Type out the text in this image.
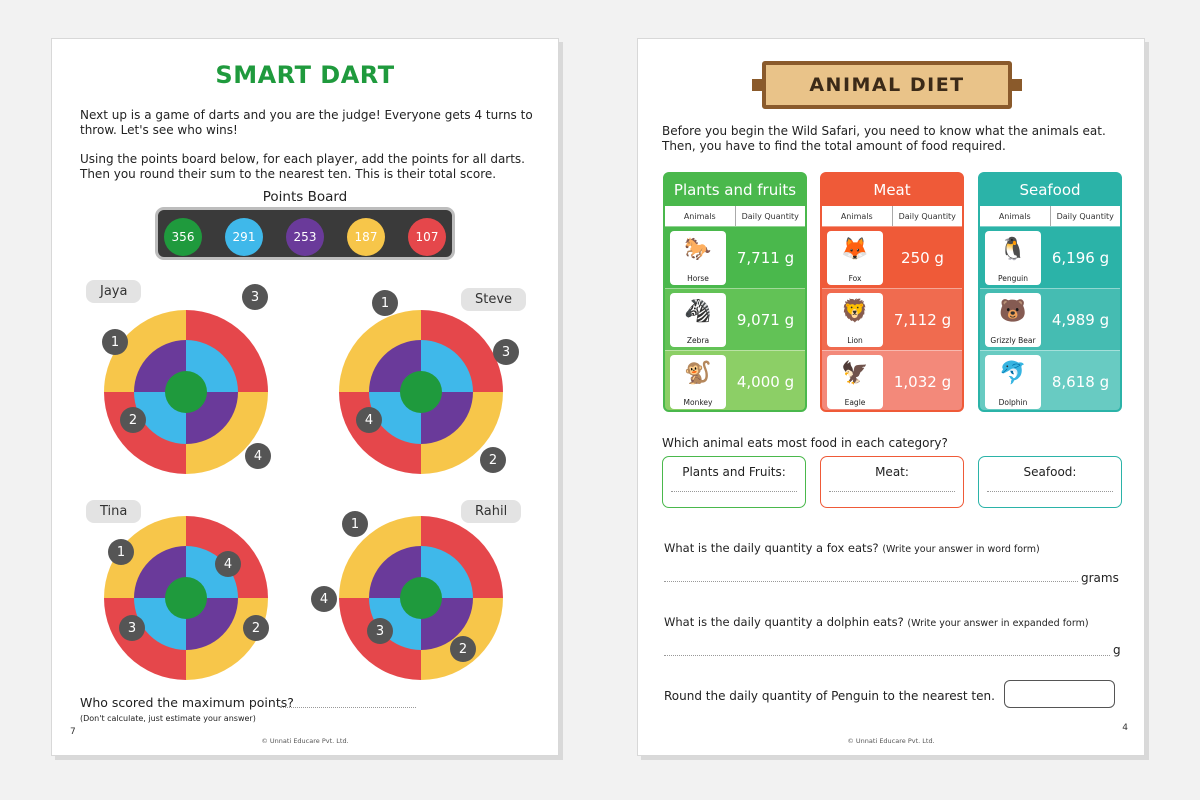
SMART DART
Next up is a game of darts and you are the judge! Everyone gets 4 turns to throw. Let's see who wins!
Using the points board below, for each player, add the points for all darts. Then you round their sum to the nearest ten. This is their total score.
Points Board
356	291	253	187	107
Jaya
Steve
Tina	Rahil
1
3
2
4
1
3
4
2
1
4
3	2
1
4
3
2
Who scored the maximum points?
(Don't calculate, just estimate your answer)
7
© Unnati Educare Pvt. Ltd.
ANIMAL DIET
Before you begin the Wild Safari, you need to know what the animals eat. Then, you have to find the total amount of food required.
Plants and fruits
Animals	Daily Quantity
🐎
Horse
7,711 g
🦓
Zebra
9,071 g
🐒
Monkey
4,000 g
Meat
Animals	Daily Quantity
🦊
Fox
250 g
🦁
Lion
7,112 g
🦅
Eagle
1,032 g
Seafood
Animals	Daily Quantity
🐧
Penguin
6,196 g
🐻
Grizzly Bear
4,989 g
🐬
Dolphin
8,618 g
Which animal eats most food in each category?
Plants and Fruits:	Meat:	Seafood:
What is the daily quantity a fox eats? (Write your answer in word form)
grams
What is the daily quantity a dolphin eats? (Write your answer in expanded form)
g
Round the daily quantity of Penguin to the nearest ten.
4
© Unnati Educare Pvt. Ltd.
